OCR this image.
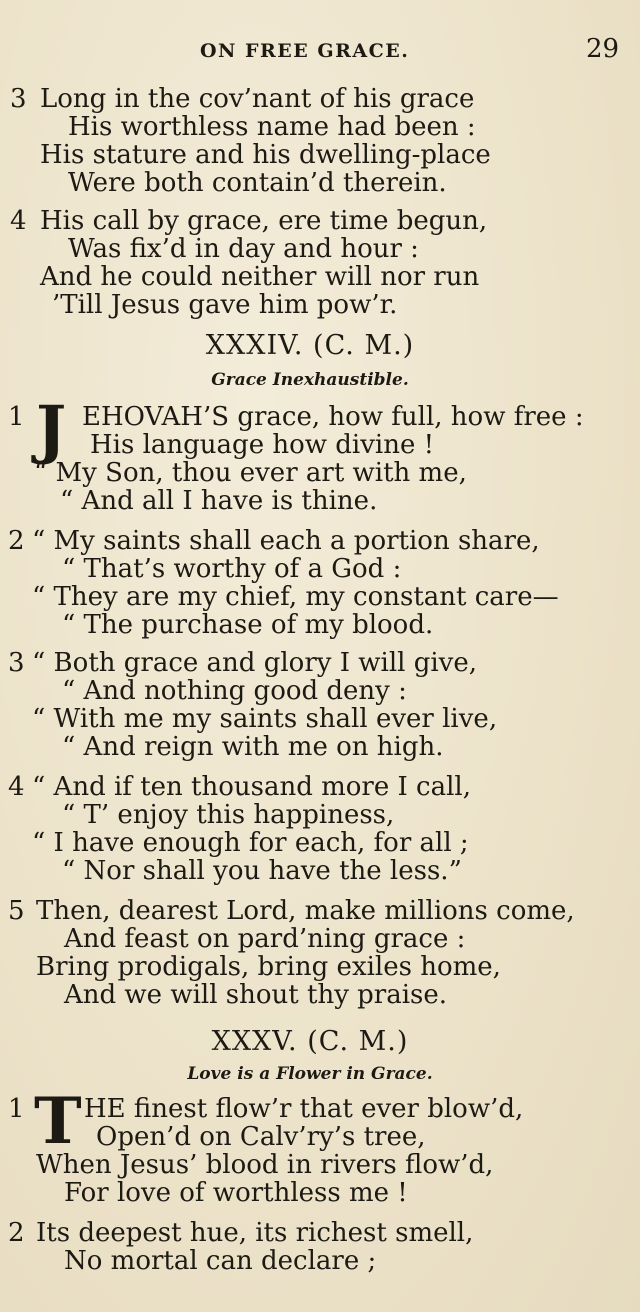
ON FREE GRACE.	29
3 Long in the cov’nant of his grace
His worthless name had been :
His stature and his dwelling-place
Were both contain’d therein.
4 His call by grace, ere time begun,
Was fix’d in day and hour :
And he could neither will nor run
’Till Jesus gave him pow’r.
XXXIV. (C. M.)
Grace Inexhaustible.
1 J EHOVAH’S grace, how full, how free :
His language how divine !
“ My Son, thou ever art with me,
“ And all I have is thine.
2 “ My saints shall each a portion share,
“ That’s worthy of a God :
“ They are my chief, my constant care—
“ The purchase of my blood.
3 “ Both grace and glory I will give,
“ And nothing good deny :
“ With me my saints shall ever live,
“ And reign with me on high.
4 “ And if ten thousand more I call,
“ T’ enjoy this happiness,
“ I have enough for each, for all ;
“ Nor shall you have the less.”
5 Then, dearest Lord, make millions come,
And feast on pard’ning grace :
Bring prodigals, bring exiles home,
And we will shout thy praise.
XXXV. (C. M.)
Love is a Flower in Grace.
1 T HE finest flow’r that ever blow’d,
Open’d on Calv’ry’s tree,
When Jesus’ blood in rivers flow’d,
For love of worthless me !
2 Its deepest hue, its richest smell,
No mortal can declare ;
